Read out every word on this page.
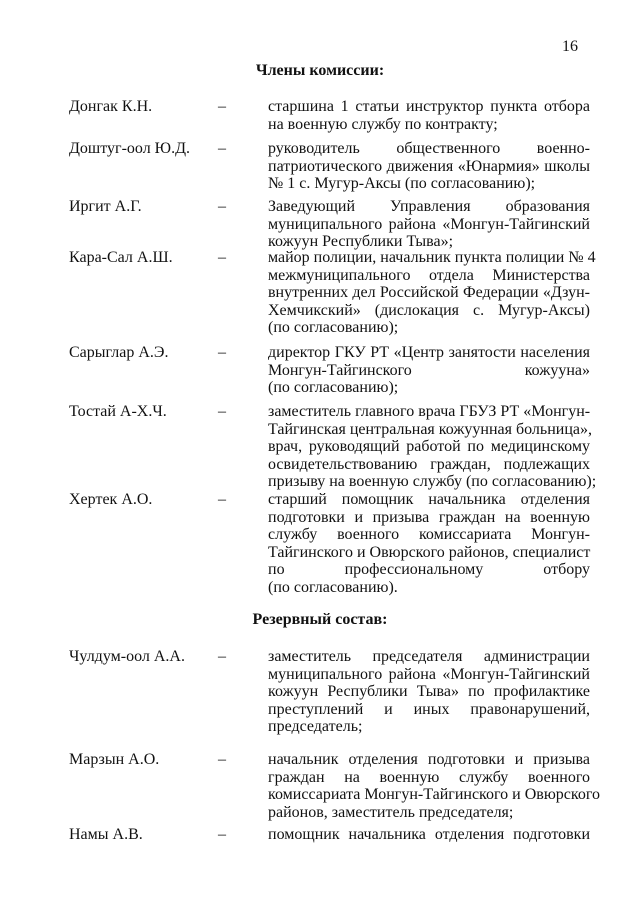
16
Члены комиссии:
Донгак К.Н.	–	старшина 1 статьи инструктор пункта отбора
на военную службу по контракту;
Доштуг-оол Ю.Д. –	руководитель общественного военно-
патриотического движения «Юнармия» школы
№ 1 с. Мугур-Аксы (по согласованию);
Иргит А.Г.	–	Заведующий Управления образования
муниципального района «Монгун-Тайгинский
кожуун Республики Тыва»;
Кара-Сал А.Ш.	–	майор полиции, начальник пункта полиции № 4
межмуниципального отдела Министерства
внутренних дел Российской Федерации «Дзун-
Хемчикский» (дислокация с. Мугур-Аксы)
(по согласованию);
Сарыглар А.Э.	–	директор ГКУ РТ «Центр занятости населения
Монгун-Тайгинского кожууна»
(по согласованию);
Тостай А-Х.Ч.	–	заместитель главного врача ГБУЗ РТ «Монгун-
Тайгинская центральная кожуунная больница»,
врач, руководящий работой по медицинскому
освидетельствованию граждан, подлежащих
призыву на военную службу (по согласованию);
Хертек А.О.	–	старший помощник начальника отделения
подготовки и призыва граждан на военную
службу военного комиссариата Монгун-
Тайгинского и Овюрского районов, специалист
по профессиональному отбору
(по согласованию).
Резервный состав:
Чулдум-оол А.А. –	заместитель председателя администрации
муниципального района «Монгун-Тайгинский
кожуун Республики Тыва» по профилактике
преступлений и иных правонарушений,
председатель;
Марзын А.О.	–	начальник отделения подготовки и призыва
граждан на военную службу военного
комиссариата Монгун-Тайгинского и Овюрского
районов, заместитель председателя;
Намы А.В.	–	помощник начальника отделения подготовки
